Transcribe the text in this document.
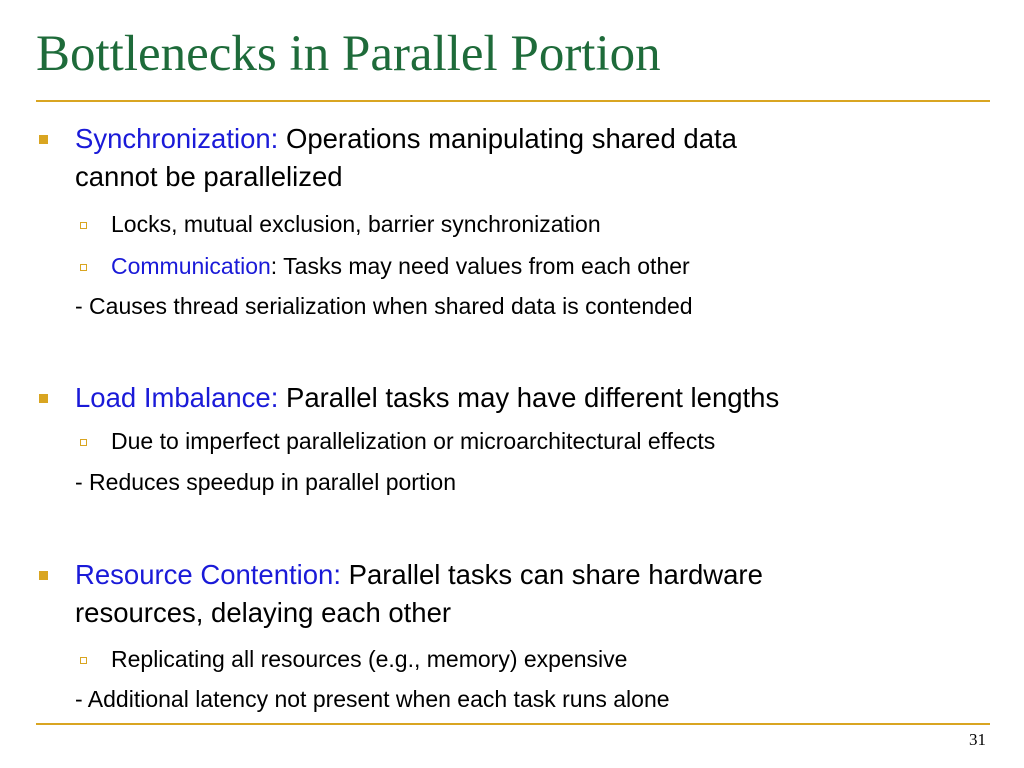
Bottlenecks in Parallel Portion
Synchronization: Operations manipulating shared data
cannot be parallelized
Locks, mutual exclusion, barrier synchronization
Communication: Tasks may need values from each other
- Causes thread serialization when shared data is contended
Load Imbalance: Parallel tasks may have different lengths
Due to imperfect parallelization or microarchitectural effects
- Reduces speedup in parallel portion
Resource Contention: Parallel tasks can share hardware
resources, delaying each other
Replicating all resources (e.g., memory) expensive
- Additional latency not present when each task runs alone
31
